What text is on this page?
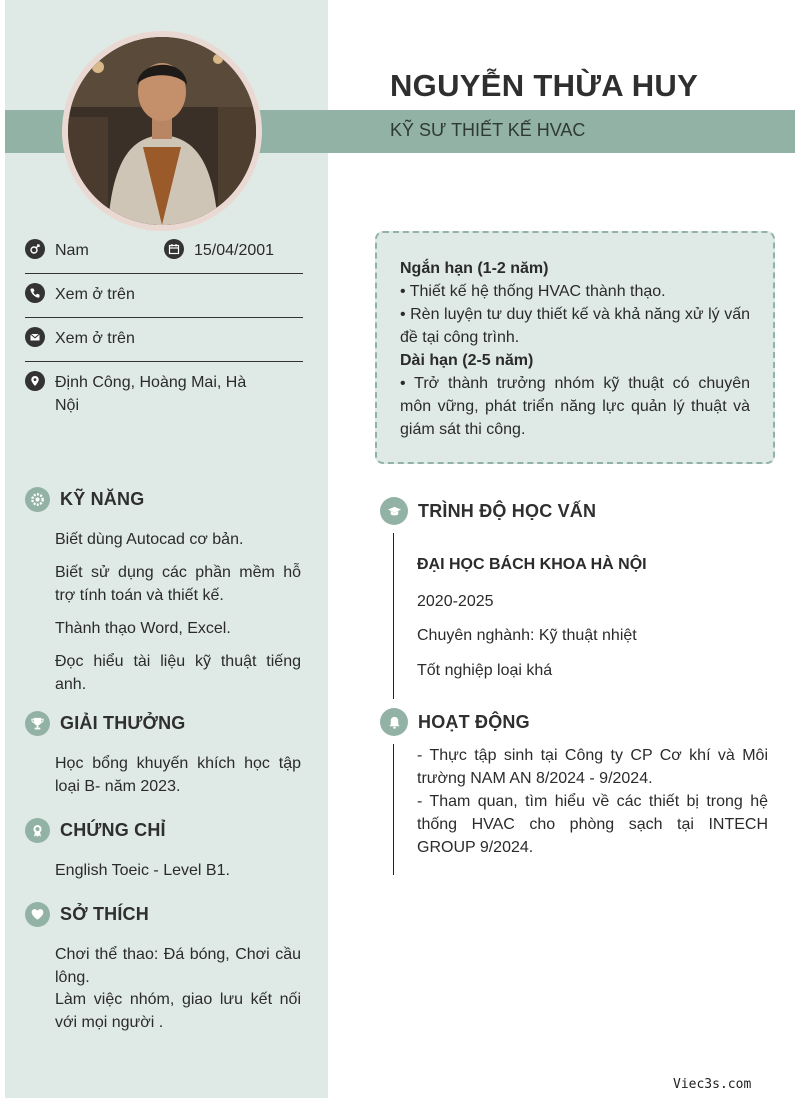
NGUYỄN THỪA HUY
KỸ SƯ THIẾT KẾ HVAC
Nam	15/04/2001
Xem ở trên
Xem ở trên
Định Công, Hoàng Mai, Hà Nội
KỸ NĂNG
Biết dùng Autocad cơ bản.
Biết sử dụng các phần mềm hỗ trợ tính toán và thiết kế.
Thành thạo Word, Excel.
Đọc hiểu tài liệu kỹ thuật tiếng anh.
GIẢI THƯỞNG
Học bổng khuyến khích học tập loại B- năm 2023.
CHỨNG CHỈ
English Toeic - Level B1.
SỞ THÍCH
Chơi thể thao: Đá bóng, Chơi cầu lông.
Làm việc nhóm, giao lưu kết nối với mọi người .
Ngắn hạn (1-2 năm)
• Thiết kế hệ thống HVAC thành thạo.
• Rèn luyện tư duy thiết kế và khả năng xử lý vấn đề tại công trình.
Dài hạn (2-5 năm)
• Trở thành trưởng nhóm kỹ thuật có chuyên môn vững, phát triển năng lực quản lý thuật và giám sát thi công.
TRÌNH ĐỘ HỌC VẤN
ĐẠI HỌC BÁCH KHOA HÀ NỘI
2020-2025
Chuyên nghành: Kỹ thuật nhiệt
Tốt nghiệp loại khá
HOẠT ĐỘNG
- Thực tập sinh tại Công ty CP Cơ khí và Môi trường NAM AN 8/2024 - 9/2024.
- Tham quan, tìm hiểu về các thiết bị trong hệ thống HVAC cho phòng sạch tại INTECH GROUP 9/2024.
Viec3s.com
